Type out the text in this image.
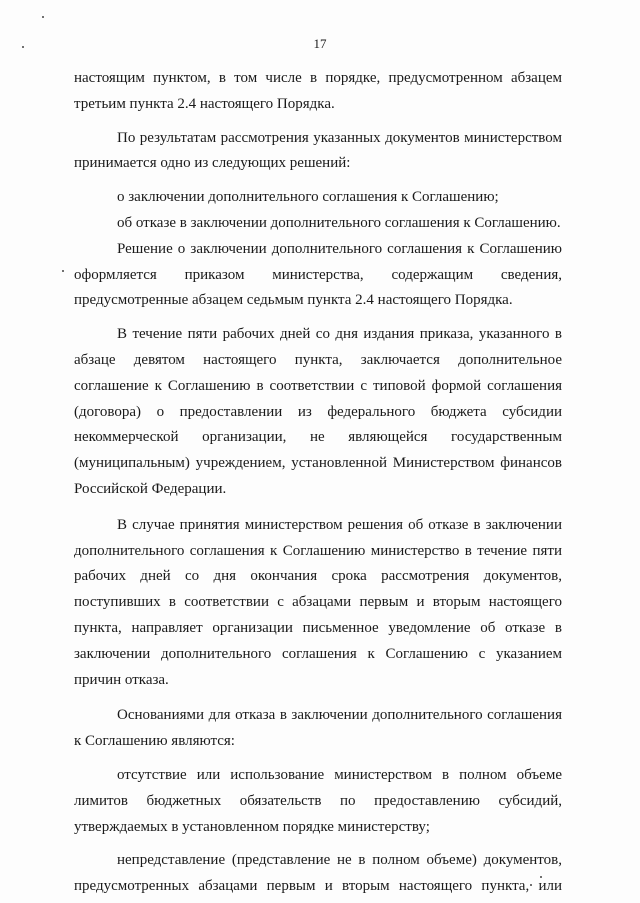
17

настоящим пунктом, в том числе в порядке, предусмотренном абзацем третьим пункта 2.4 настоящего Порядка.

По результатам рассмотрения указанных документов министерством принимается одно из следующих решений:

о заключении дополнительного соглашения к Соглашению;

об отказе в заключении дополнительного соглашения к Соглашению.

Решение о заключении дополнительного соглашения к Соглашению оформляется приказом министерства, содержащим сведения, предусмотренные абзацем седьмым пункта 2.4 настоящего Порядка.

В течение пяти рабочих дней со дня издания приказа, указанного в абзаце девятом настоящего пункта, заключается дополнительное соглашение к Соглашению в соответствии с типовой формой соглашения (договора) о предоставлении из федерального бюджета субсидии некоммерческой организации, не являющейся государственным (муниципальным) учреждением, установленной Министерством финансов Российской Федерации.

В случае принятия министерством решения об отказе в заключении дополнительного соглашения к Соглашению министерство в течение пяти рабочих дней со дня окончания срока рассмотрения документов, поступивших в соответствии с абзацами первым и вторым настоящего пункта, направляет организации письменное уведомление об отказе в заключении дополнительного соглашения к Соглашению с указанием причин отказа.

Основаниями для отказа в заключении дополнительного соглашения к Соглашению являются:

отсутствие или использование министерством в полном объеме лимитов бюджетных обязательств по предоставлению субсидий, утверждаемых в установленном порядке министерству;

непредставление (представление не в полном объеме) документов, предусмотренных абзацами первым и вторым настоящего пункта, или
